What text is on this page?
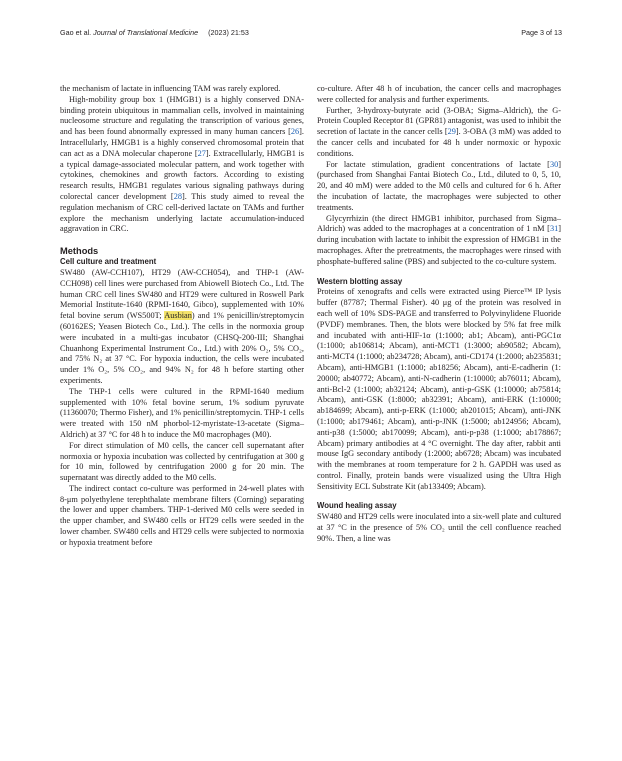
Gao et al. Journal of Translational Medicine (2023) 21:53	Page 3 of 13

the mechanism of lactate in influencing TAM was rarely explored.

High-mobility group box 1 (HMGB1) is a highly conserved DNA-binding protein ubiquitous in mammalian cells, involved in maintaining nucleosome structure and regulating the transcription of various genes, and has been found abnormally expressed in many human cancers [26]. Intracellularly, HMGB1 is a highly conserved chromosomal protein that can act as a DNA molecular chaperone [27]. Extracellularly, HMGB1 is a typical damage-associated molecular pattern, and work together with cytokines, chemokines and growth factors. According to existing research results, HMGB1 regulates various signaling pathways during colorectal cancer development [28]. This study aimed to reveal the regulation mechanism of CRC cell-derived lactate on TAMs and further explore the mechanism underlying lactate accumulation-induced aggravation in CRC.

Methods
Cell culture and treatment

SW480 (AW-CCH107), HT29 (AW-CCH054), and THP-1 (AW-CCH098) cell lines were purchased from Abiowell Biotech Co., Ltd. The human CRC cell lines SW480 and HT29 were cultured in Roswell Park Memorial Institute-1640 (RPMI-1640, Gibco), supplemented with 10% fetal bovine serum (WS500T; Ausbian) and 1% penicillin/streptomycin (60162ES; Yeasen Biotech Co., Ltd.). The cells in the normoxia group were incubated in a multi-gas incubator (CHSQ-200-III; Shanghai Chuanhong Experimental Instrument Co., Ltd.) with 20% O₂, 5% CO₂, and 75% N₂ at 37 °C. For hypoxia induction, the cells were incubated under 1% O₂, 5% CO₂, and 94% N₂ for 48 h before starting other experiments.

The THP-1 cells were cultured in the RPMI-1640 medium supplemented with 10% fetal bovine serum, 1% sodium pyruvate (11360070; Thermo Fisher), and 1% penicillin/streptomycin. THP-1 cells were treated with 150 nM phorbol-12-myristate-13-acetate (Sigma–Aldrich) at 37 °C for 48 h to induce the M0 macrophages (M0).

For direct stimulation of M0 cells, the cancer cell supernatant after normoxia or hypoxia incubation was collected by centrifugation at 300 g for 10 min, followed by centrifugation 2000 g for 20 min. The supernatant was directly added to the M0 cells.

The indirect contact co-culture was performed in 24-well plates with 8-μm polyethylene terephthalate membrane filters (Corning) separating the lower and upper chambers. THP-1-derived M0 cells were seeded in the upper chamber, and SW480 cells or HT29 cells were seeded in the lower chamber. SW480 cells and HT29 cells were subjected to normoxia or hypoxia treatment before

co-culture. After 48 h of incubation, the cancer cells and macrophages were collected for analysis and further experiments.

Further, 3-hydroxy-butyrate acid (3-OBA; Sigma–Aldrich), the G-Protein Coupled Receptor 81 (GPR81) antagonist, was used to inhibit the secretion of lactate in the cancer cells [29]. 3-OBA (3 mM) was added to the cancer cells and incubated for 48 h under normoxic or hypoxic conditions.

For lactate stimulation, gradient concentrations of lactate [30] (purchased from Shanghai Fantai Biotech Co., Ltd., diluted to 0, 5, 10, 20, and 40 mM) were added to the M0 cells and cultured for 6 h. After the incubation of lactate, the macrophages were subjected to other treatments.

Glycyrrhizin (the direct HMGB1 inhibitor, purchased from Sigma–Aldrich) was added to the macrophages at a concentration of 1 nM [31] during incubation with lactate to inhibit the expression of HMGB1 in the macrophages. After the pretreatments, the macrophages were rinsed with phosphate-buffered saline (PBS) and subjected to the co-culture system.

Western blotting assay

Proteins of xenografts and cells were extracted using Pierce™ IP lysis buffer (87787; Thermal Fisher). 40 μg of the protein was resolved in each well of 10% SDS-PAGE and transferred to Polyvinylidene Fluoride (PVDF) membranes. Then, the blots were blocked by 5% fat free milk and incubated with anti-HIF-1α (1:1000; ab1; Abcam), anti-PGC1α (1:1000; ab106814; Abcam), anti-MCT1 (1:3000; ab90582; Abcam), anti-MCT4 (1:1000; ab234728; Abcam), anti-CD174 (1:2000; ab235831; Abcam), anti-HMGB1 (1:1000; ab18256; Abcam), anti-E-cadherin (1: 20000; ab40772; Abcam), anti-N-cadherin (1:10000; ab76011; Abcam), anti-Bcl-2 (1:1000; ab32124; Abcam), anti-p-GSK (1:10000; ab75814; Abcam), anti-GSK (1:8000; ab32391; Abcam), anti-ERK (1:10000; ab184699; Abcam), anti-p-ERK (1:1000; ab201015; Abcam), anti-JNK (1:1000; ab179461; Abcam), anti-p-JNK (1:5000; ab124956; Abcam), anti-p38 (1:5000; ab170099; Abcam), anti-p-p38 (1:1000; ab178867; Abcam) primary antibodies at 4 °C overnight. The day after, rabbit anti mouse IgG secondary antibody (1:2000; ab6728; Abcam) was incubated with the membranes at room temperature for 2 h. GAPDH was used as control. Finally, protein bands were visualized using the Ultra High Sensitivity ECL Substrate Kit (ab133409; Abcam).

Wound healing assay

SW480 and HT29 cells were inoculated into a six-well plate and cultured at 37 °C in the presence of 5% CO₂ until the cell confluence reached 90%. Then, a line was
